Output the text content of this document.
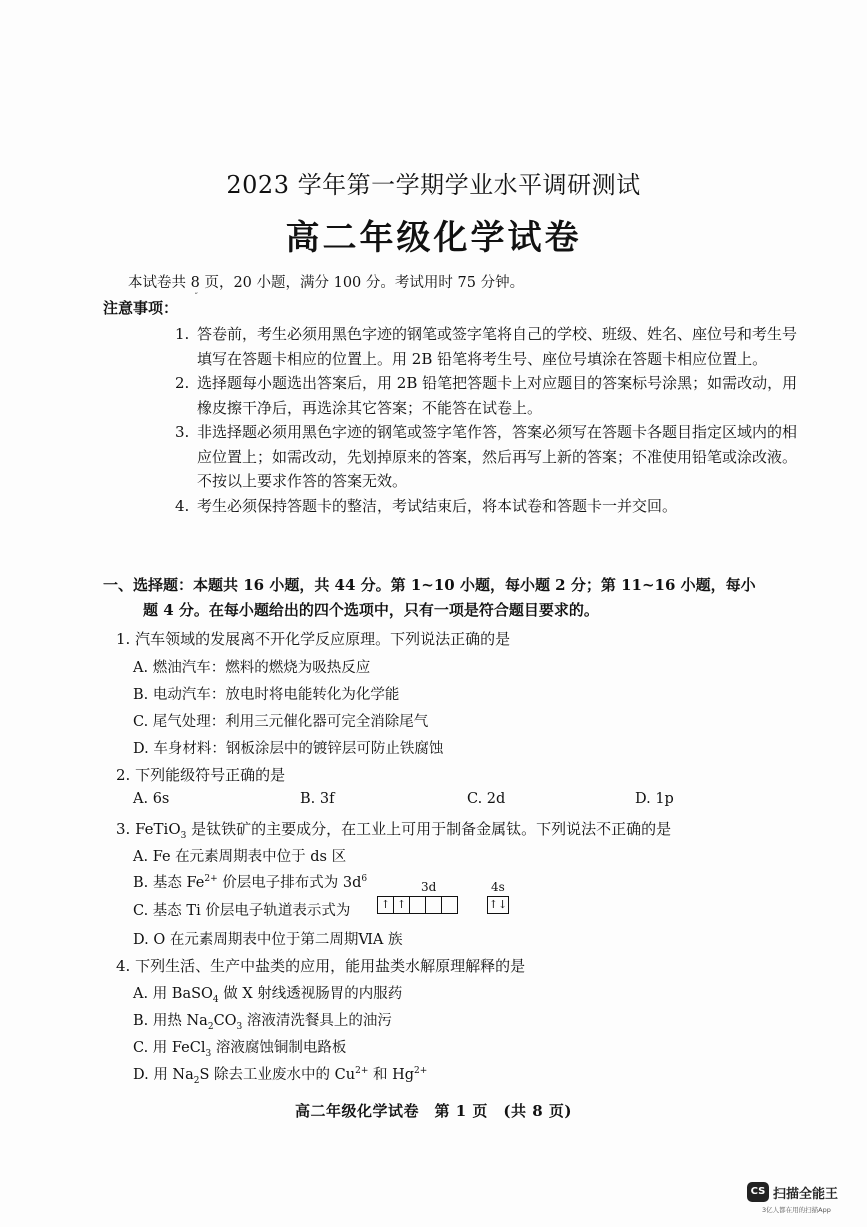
2023 学年第一学期学业水平调研测试
高二年级化学试卷
本试卷共 8 页，20 小题，满分 100 分。考试用时 75 分钟。
注意事项：
˝
1. 答卷前，考生必须用黑色字迹的钢笔或签字笔将自己的学校、班级、姓名、座位号和考生号填写在答题卡相应的位置上。用 2B 铅笔将考生号、座位号填涂在答题卡相应位置上。
2. 选择题每小题选出答案后，用 2B 铅笔把答题卡上对应题目的答案标号涂黑；如需改动，用橡皮擦干净后，再选涂其它答案；不能答在试卷上。
3. 非选择题必须用黑色字迹的钢笔或签字笔作答，答案必须写在答题卡各题目指定区域内的相应位置上；如需改动，先划掉原来的答案，然后再写上新的答案；不准使用铅笔或涂改液。不按以上要求作答的答案无效。
4. 考生必须保持答题卡的整洁，考试结束后，将本试卷和答题卡一并交回。
一、选择题：本题共 16 小题，共 44 分。第 1~10 小题，每小题 2 分；第 11~16 小题，每小
题 4 分。在每小题给出的四个选项中，只有一项是符合题目要求的。
1. 汽车领域的发展离不开化学反应原理。下列说法正确的是
A. 燃油汽车：燃料的燃烧为吸热反应
B. 电动汽车：放电时将电能转化为化学能
C. 尾气处理：利用三元催化器可完全消除尾气
D. 车身材料：钢板涂层中的镀锌层可防止铁腐蚀
2. 下列能级符号正确的是
A. 6s	B. 3f	C. 2d	D. 1p
3. FeTiO$_3$ 是钛铁矿的主要成分，在工业上可用于制备金属钛。下列说法不正确的是
A. Fe 在元素周期表中位于 ds 区
B. 基态 $Fe^{2+}$ 价层电子排布式为 $3d^6$
C. 基态 Ti 价层电子轨道表示式为
3d	4s
↑ ↑	↑↓
D. O 在元素周期表中位于第二周期ⅥA 族
4. 下列生活、生产中盐类的应用，能用盐类水解原理解释的是
A. 用 BaSO$_4$ 做 X 射线透视肠胃的内服药
B. 用热 $Na_2CO_3$ 溶液清洗餐具上的油污
C. 用 FeCl$_3$ 溶液腐蚀铜制电路板
D. 用 $Na_2S$ 除去工业废水中的 $Cu^{2+}$ 和 $Hg^{2+}$
高二年级化学试卷　第 1 页　(共 8 页)
CS 扫描全能王
3亿人都在用的扫描App
